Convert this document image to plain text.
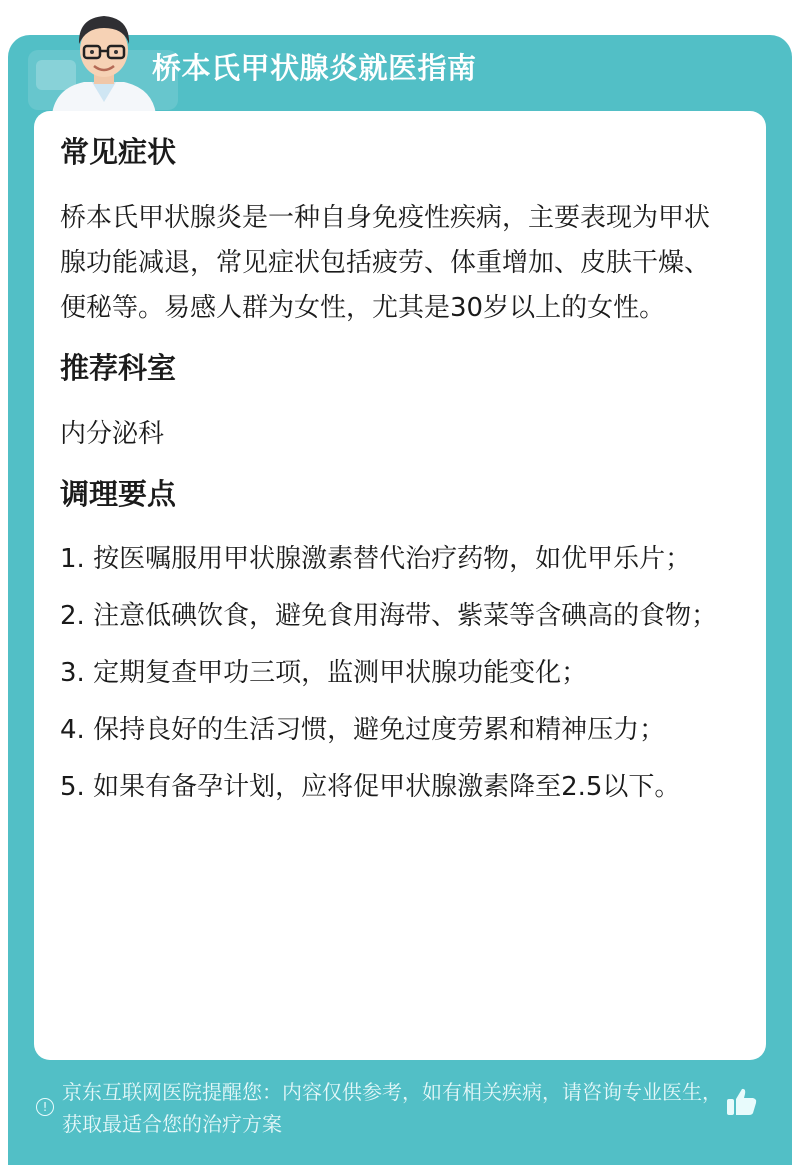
桥本氏甲状腺炎就医指南
常见症状
桥本氏甲状腺炎是一种自身免疫性疾病，主要表现为甲状腺功能减退，常见症状包括疲劳、体重增加、皮肤干燥、便秘等。易感人群为女性，尤其是30岁以上的女性。
推荐科室
内分泌科
调理要点
1. 按医嘱服用甲状腺激素替代治疗药物，如优甲乐片；
2. 注意低碘饮食，避免食用海带、紫菜等含碘高的食物；
3. 定期复查甲功三项，监测甲状腺功能变化；
4. 保持良好的生活习惯，避免过度劳累和精神压力；
5. 如果有备孕计划，应将促甲状腺激素降至2.5以下。
!
京东互联网医院提醒您：内容仅供参考，如有相关疾病，请咨询专业医生，获取最适合您的治疗方案
